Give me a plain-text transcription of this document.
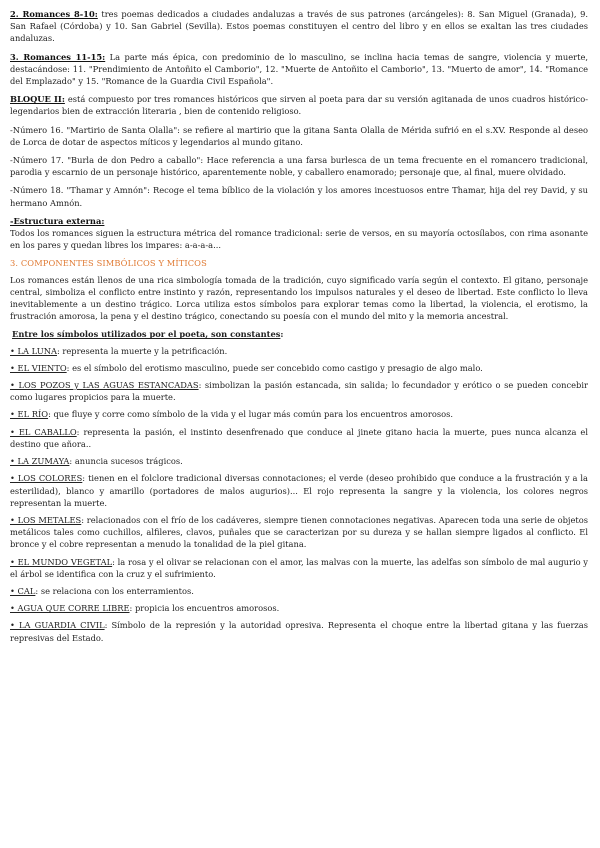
2. Romances 8-10: tres poemas dedicados a ciudades andaluzas a través de sus patrones (arcángeles): 8. San Miguel (Granada), 9. San Rafael (Córdoba) y 10. San Gabriel (Sevilla). Estos poemas constituyen el centro del libro y en ellos se exaltan las tres ciudades andaluzas.

3. Romances 11-15: La parte más épica, con predominio de lo masculino, se inclina hacia temas de sangre, violencia y muerte, destacándose: 11. "Prendimiento de Antoñito el Camborio", 12. "Muerte de Antoñito el Camborio", 13. "Muerto de amor", 14. "Romance del Emplazado" y 15. "Romance de la Guardia Civil Española".

BLOQUE II: está compuesto por tres romances históricos que sirven al poeta para dar su versión agitanada de unos cuadros histórico-legendarios bien de extracción literaria , bien de contenido religioso.

-Número 16. "Martirio de Santa Olalla": se refiere al martirio que la gitana Santa Olalla de Mérida sufrió en el s.XV. Responde al deseo de Lorca de dotar de aspectos míticos y legendarios al mundo gitano.

-Número 17. "Burla de don Pedro a caballo": Hace referencia a una farsa burlesca de un tema frecuente en el romancero tradicional, parodia y escarnio de un personaje histórico, aparentemente noble, y caballero enamorado; personaje que, al final, muere olvidado.

-Número 18. "Thamar y Amnón": Recoge el tema bíblico de la violación y los amores incestuosos entre Thamar, hija del rey David, y su hermano Amnón.

-Estructura externa:

Todos los romances siguen la estructura métrica del romance tradicional: serie de versos, en su mayoría octosílabos, con rima asonante en los pares y quedan libres los impares: a-a-a-a...

3. COMPONENTES SIMBÓLICOS Y MÍTICOS

Los romances están llenos de una rica simbología tomada de la tradición, cuyo significado varía según el contexto. El gitano, personaje central, simboliza el conflicto entre instinto y razón, representando los impulsos naturales y el deseo de libertad. Este conflicto lo lleva inevitablemente a un destino trágico. Lorca utiliza estos símbolos para explorar temas como la libertad, la violencia, el erotismo, la frustración amorosa, la pena y el destino trágico, conectando su poesía con el mundo del mito y la memoria ancestral.

Entre los símbolos utilizados por el poeta, son constantes:

• LA LUNA: representa la muerte y la petrificación.

• EL VIENTO: es el símbolo del erotismo masculino, puede ser concebido como castigo y presagio de algo malo.

• LOS POZOS y LAS AGUAS ESTANCADAS: simbolizan la pasión estancada, sin salida; lo fecundador y erótico o se pueden concebir como lugares propicios para la muerte.

• EL RÍO: que fluye y corre como símbolo de la vida y el lugar más común para los encuentros amorosos.

• EL CABALLO: representa la pasión, el instinto desenfrenado que conduce al jinete gitano hacia la muerte, pues nunca alcanza el destino que añora..

• LA ZUMAYA: anuncia sucesos trágicos.

• LOS COLORES: tienen en el folclore tradicional diversas connotaciones; el verde (deseo prohibido que conduce a la frustración y a la esterilidad), blanco y amarillo (portadores de malos augurios)... El rojo representa la sangre y la violencia, los colores negros representan la muerte.

• LOS METALES: relacionados con el frío de los cadáveres, siempre tienen connotaciones negativas. Aparecen toda una serie de objetos metálicos tales como cuchillos, alfileres, clavos, puñales que se caracterizan por su dureza y se hallan siempre ligados al conflicto. El bronce y el cobre representan a menudo la tonalidad de la piel gitana.

• EL MUNDO VEGETAL: la rosa y el olivar se relacionan con el amor, las malvas con la muerte, las adelfas son símbolo de mal augurio y el árbol se identifica con la cruz y el sufrimiento.

• CAL: se relaciona con los enterramientos.

• AGUA QUE CORRE LIBRE: propicia los encuentros amorosos.

• LA GUARDIA CIVIL: Símbolo de la represión y la autoridad opresiva. Representa el choque entre la libertad gitana y las fuerzas represivas del Estado.
